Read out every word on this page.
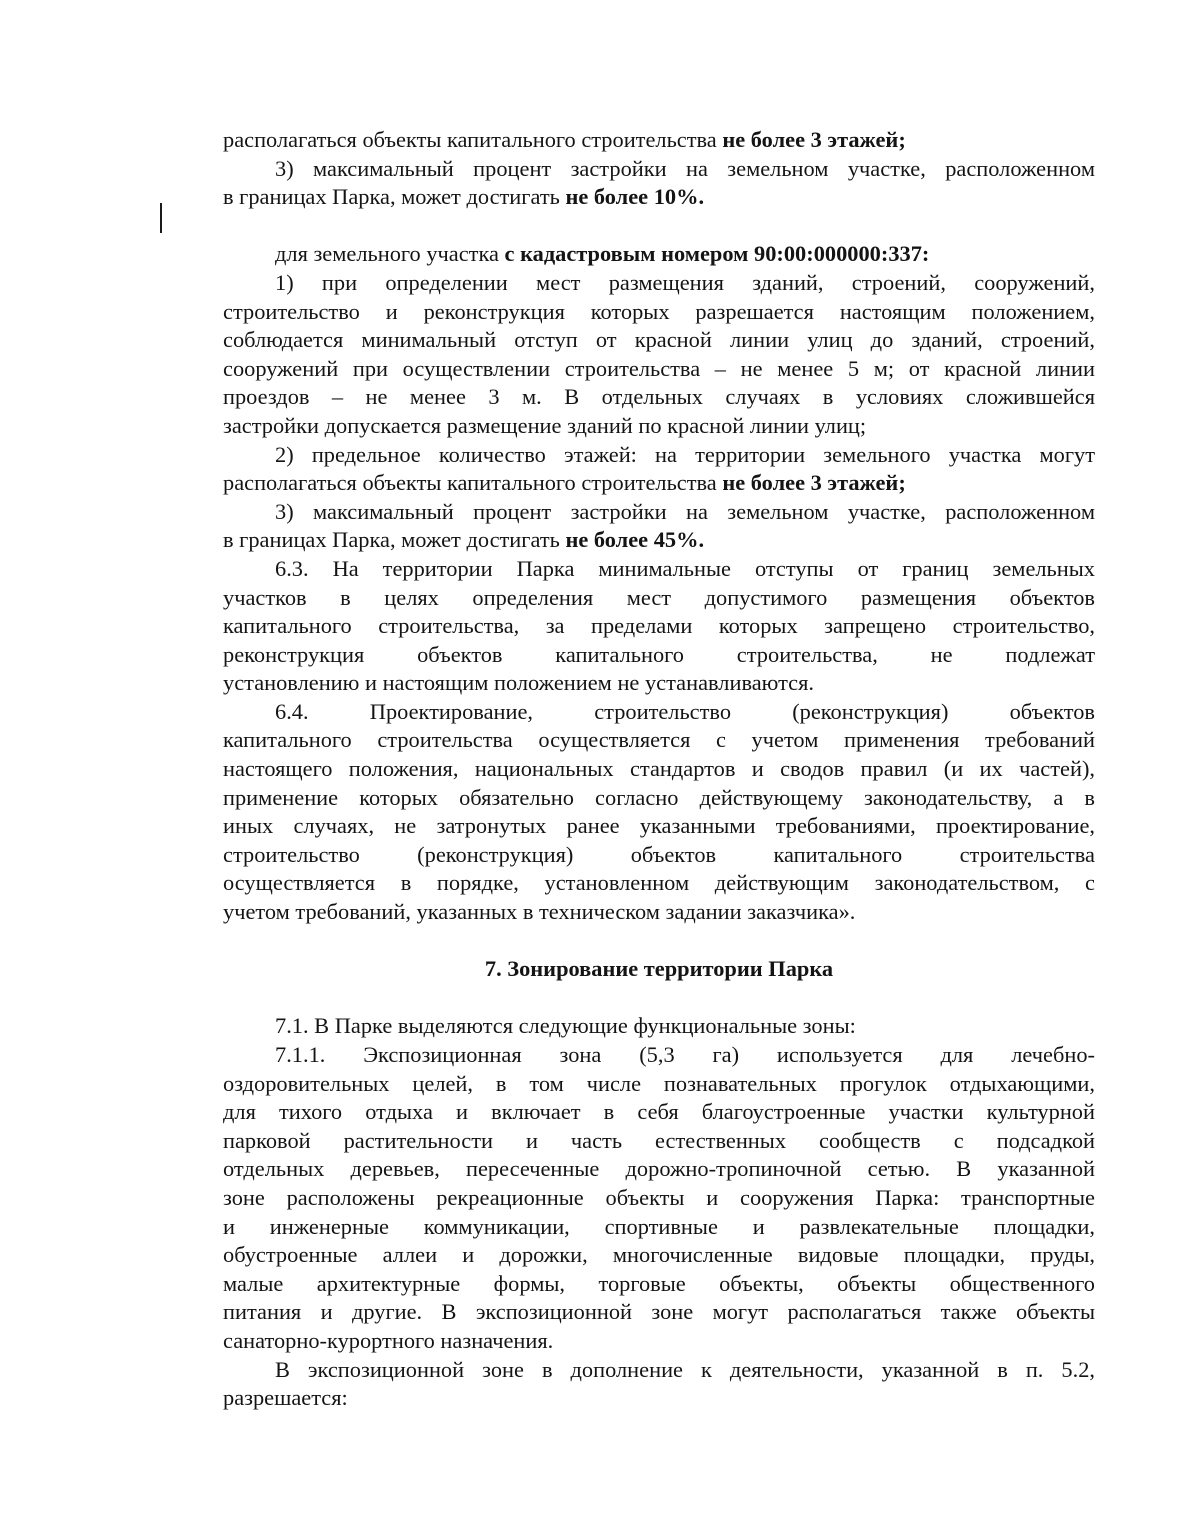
располагаться объекты капитального строительства не более 3 этажей;
3) максимальный процент застройки на земельном участке, расположенном
в границах Парка, может достигать не более 10%.
для земельного участка с кадастровым номером 90:00:000000:337:
1) при определении мест размещения зданий, строений, сооружений,
строительство и реконструкция которых разрешается настоящим положением,
соблюдается минимальный отступ от красной линии улиц до зданий, строений,
сооружений при осуществлении строительства – не менее 5 м; от красной линии
проездов – не менее 3 м. В отдельных случаях в условиях сложившейся
застройки допускается размещение зданий по красной линии улиц;
2) предельное количество этажей: на территории земельного участка могут
располагаться объекты капитального строительства не более 3 этажей;
3) максимальный процент застройки на земельном участке, расположенном
в границах Парка, может достигать не более 45%.
6.3. На территории Парка минимальные отступы от границ земельных
участков в целях определения мест допустимого размещения объектов
капитального строительства, за пределами которых запрещено строительство,
реконструкция объектов капитального строительства, не подлежат
установлению и настоящим положением не устанавливаются.
6.4. Проектирование, строительство (реконструкция) объектов
капитального строительства осуществляется с учетом применения требований
настоящего положения, национальных стандартов и сводов правил (и их частей),
применение которых обязательно согласно действующему законодательству, а в
иных случаях, не затронутых ранее указанными требованиями, проектирование,
строительство (реконструкция) объектов капитального строительства
осуществляется в порядке, установленном действующим законодательством, с
учетом требований, указанных в техническом задании заказчика».
7. Зонирование территории Парка
7.1. В Парке выделяются следующие функциональные зоны:
7.1.1. Экспозиционная зона (5,3 га) используется для лечебно-
оздоровительных целей, в том числе познавательных прогулок отдыхающими,
для тихого отдыха и включает в себя благоустроенные участки культурной
парковой растительности и часть естественных сообществ с подсадкой
отдельных деревьев, пересеченные дорожно-тропиночной сетью. В указанной
зоне расположены рекреационные объекты и сооружения Парка: транспортные
и инженерные коммуникации, спортивные и развлекательные площадки,
обустроенные аллеи и дорожки, многочисленные видовые площадки, пруды,
малые архитектурные формы, торговые объекты, объекты общественного
питания и другие. В экспозиционной зоне могут располагаться также объекты
санаторно-курортного назначения.
В экспозиционной зоне в дополнение к деятельности, указанной в п. 5.2,
разрешается:
